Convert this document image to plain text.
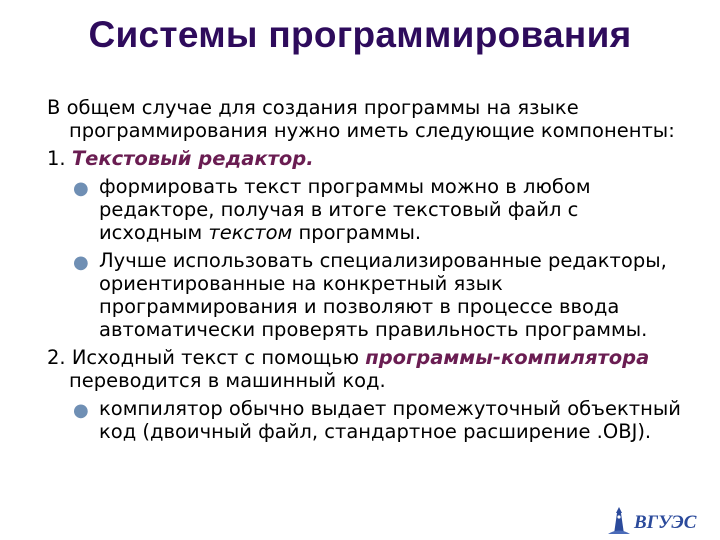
Системы программирования
В общем случае для создания программы на языке программирования нужно иметь следующие компоненты:
1. Текстовый редактор.
● формировать текст программы можно в любом редакторе, получая в итоге текстовый файл с исходным текстом программы.
● Лучше использовать специализированные редакторы, ориентированные на конкретный язык программирования и позволяют в процессе ввода автоматически проверять правильность программы.
2. Исходный текст с помощью программы-компилятора переводится в машинный код.
● компилятор обычно выдает промежуточный объектный код (двоичный файл, стандартное расширение .OBJ).
ВГУЭС
